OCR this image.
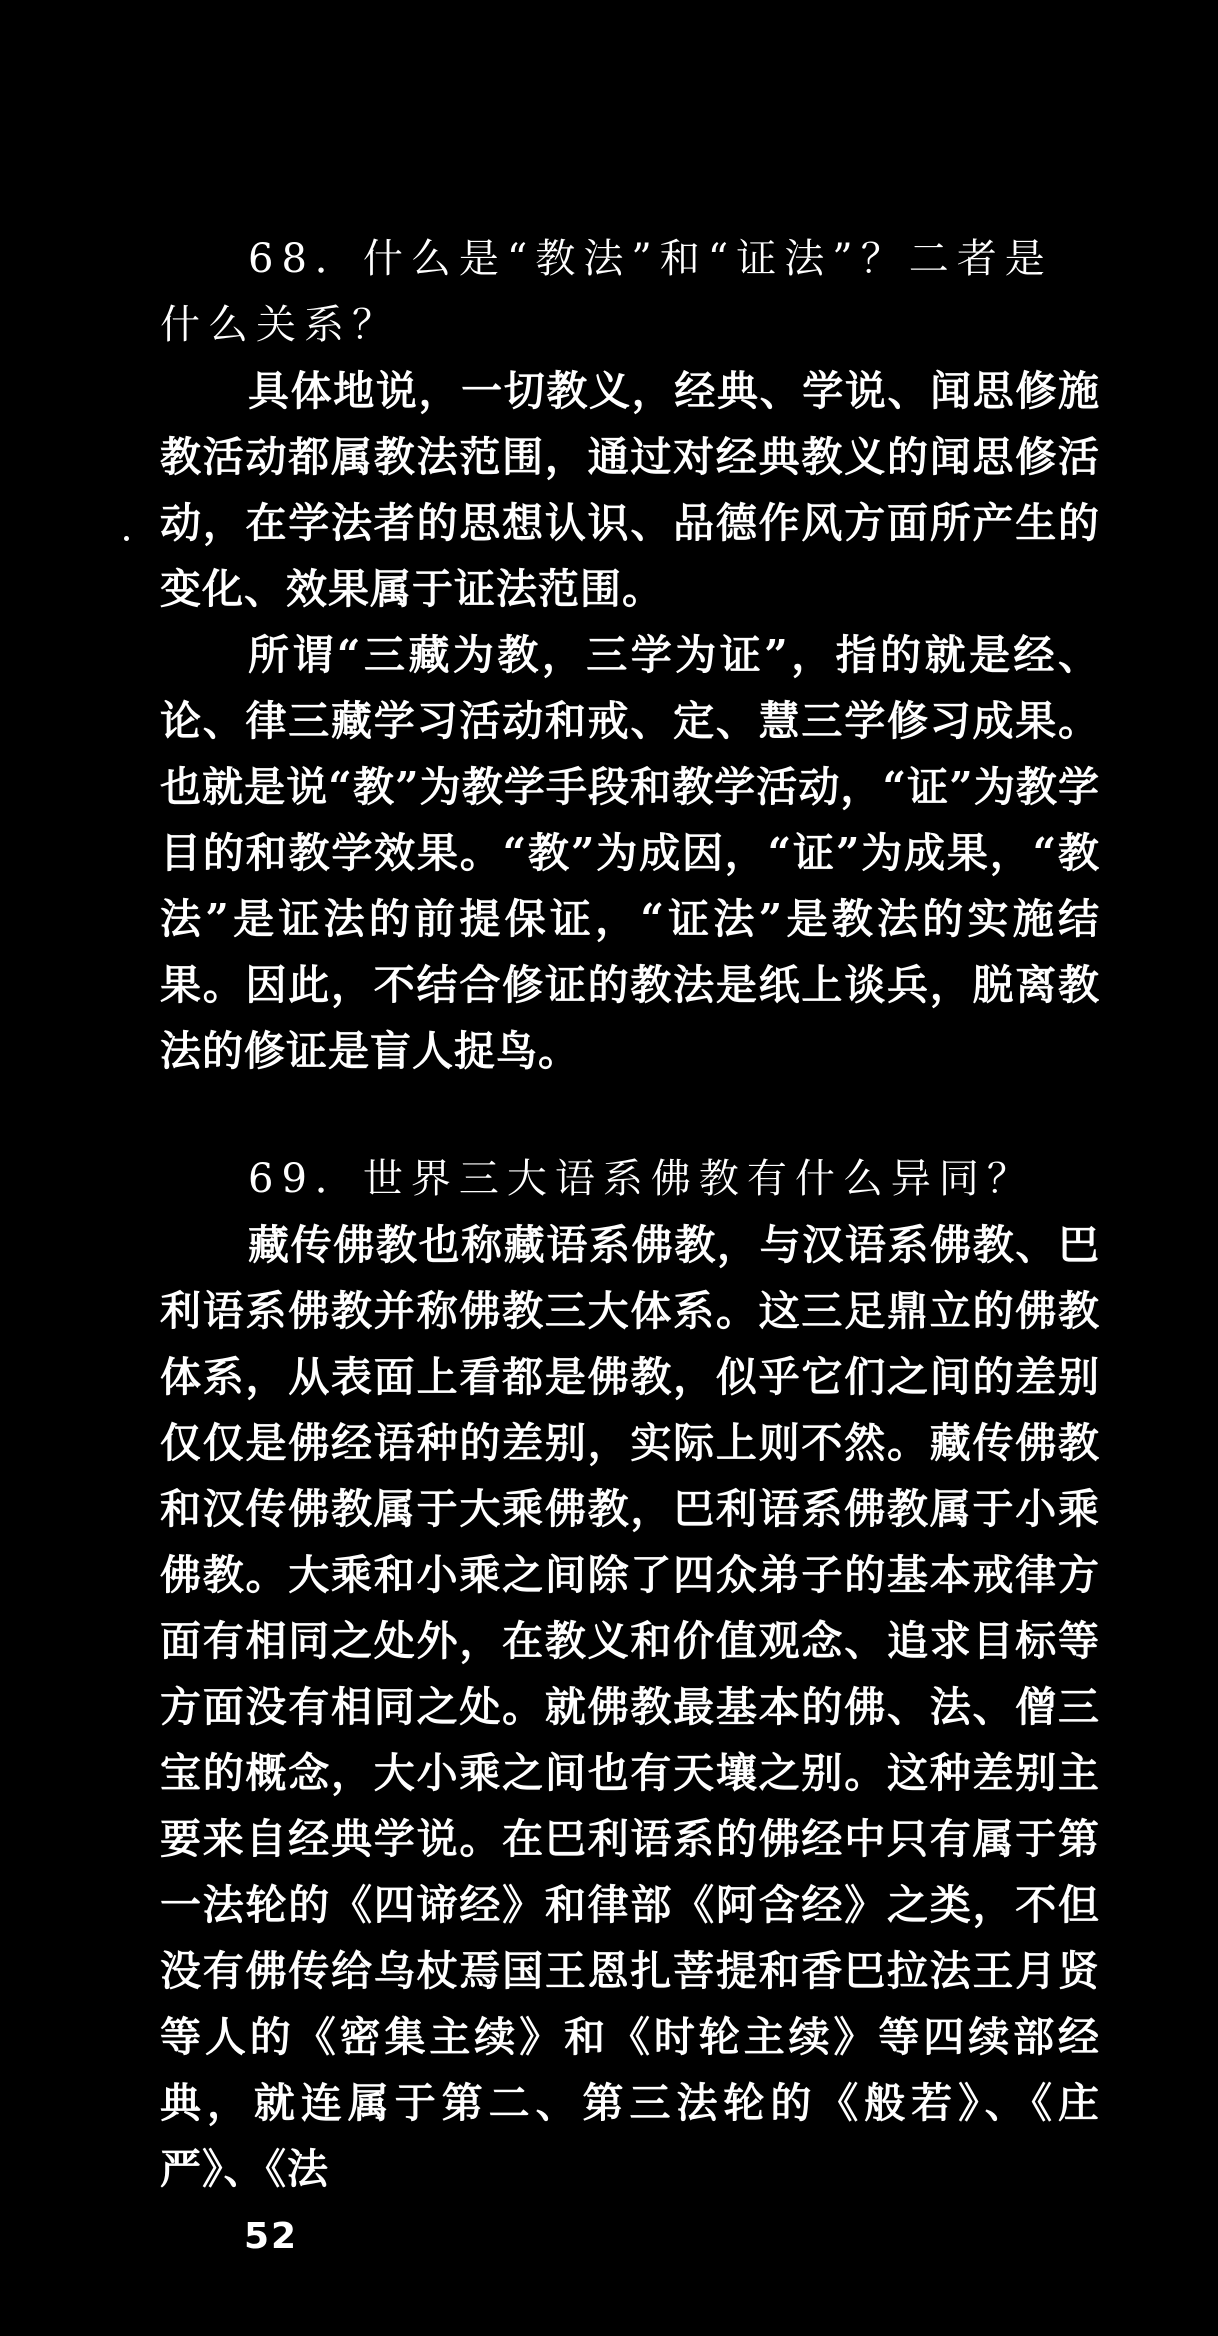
68．什么是“教法”和“证法”？二者是什么关系？

具体地说，一切教义，经典、学说、闻思修施教活动都属教法范围，通过对经典教义的闻思修活动，在学法者的思想认识、品德作风方面所产生的变化、效果属于证法范围。

所谓“三藏为教，三学为证”，指的就是经、论、律三藏学习活动和戒、定、慧三学修习成果。也就是说“教”为教学手段和教学活动，“证”为教学目的和教学效果。“教”为成因，“证”为成果，“教法”是证法的前提保证，“证法”是教法的实施结果。因此，不结合修证的教法是纸上谈兵，脱离教法的修证是盲人捉鸟。

69．世界三大语系佛教有什么异同？

藏传佛教也称藏语系佛教，与汉语系佛教、巴利语系佛教并称佛教三大体系。这三足鼎立的佛教体系，从表面上看都是佛教，似乎它们之间的差别仅仅是佛经语种的差别，实际上则不然。藏传佛教和汉传佛教属于大乘佛教，巴利语系佛教属于小乘佛教。大乘和小乘之间除了四众弟子的基本戒律方面有相同之处外，在教义和价值观念、追求目标等方面没有相同之处。就佛教最基本的佛、法、僧三宝的概念，大小乘之间也有天壤之别。这种差别主要来自经典学说。在巴利语系的佛经中只有属于第一法轮的《四谛经》和律部《阿含经》之类，不但没有佛传给乌杖焉国王恩扎菩提和香巴拉法王月贤等人的《密集主续》和《时轮主续》等四续部经典，就连属于第二、第三法轮的《般若》、《庄严》、《法

52
